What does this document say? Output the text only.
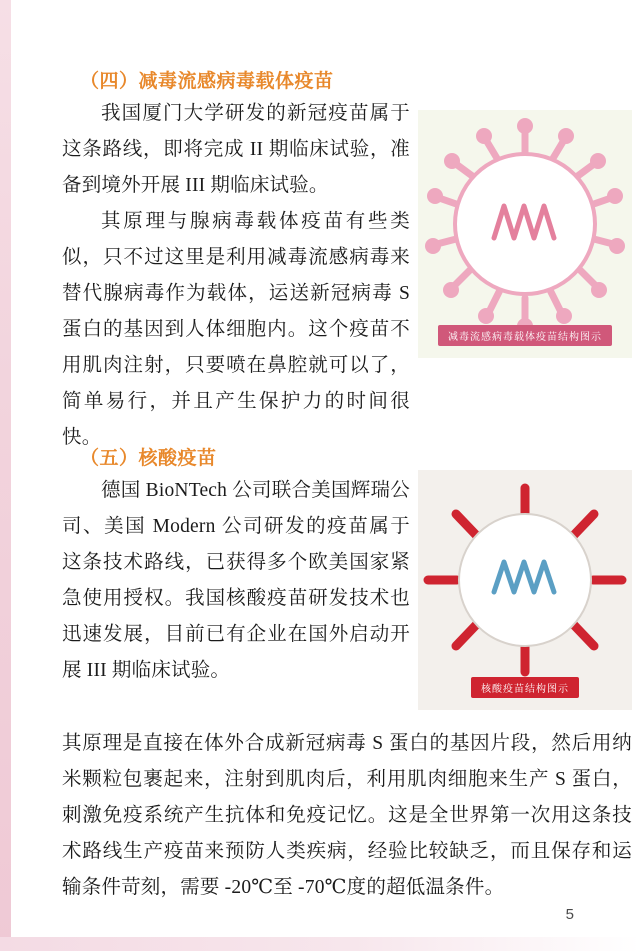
（四）减毒流感病毒载体疫苗

我国厦门大学研发的新冠疫苗属于这条路线，即将完成 II 期临床试验，准备到境外开展 III 期临床试验。

其原理与腺病毒载体疫苗有些类似，只不过这里是利用减毒流感病毒来替代腺病毒作为载体，运送新冠病毒 S 蛋白的基因到人体细胞内。这个疫苗不用肌肉注射，只要喷在鼻腔就可以了，简单易行，并且产生保护力的时间很快。

（五）核酸疫苗

德国 BioNTech 公司联合美国辉瑞公司、美国 Modern 公司研发的疫苗属于这条技术路线，已获得多个欧美国家紧急使用授权。我国核酸疫苗研发技术也迅速发展，目前已有企业在国外启动开展 III 期临床试验。

其原理是直接在体外合成新冠病毒 S 蛋白的基因片段，然后用纳米颗粒包裹起来，注射到肌肉后，利用肌肉细胞来生产 S 蛋白，刺激免疫系统产生抗体和免疫记忆。这是全世界第一次用这条技术路线生产疫苗来预防人类疾病，经验比较缺乏，而且保存和运输条件苛刻，需要 -20℃至 -70℃度的超低温条件。

减毒流感病毒载体疫苗结构图示
核酸疫苗结构图示
5
